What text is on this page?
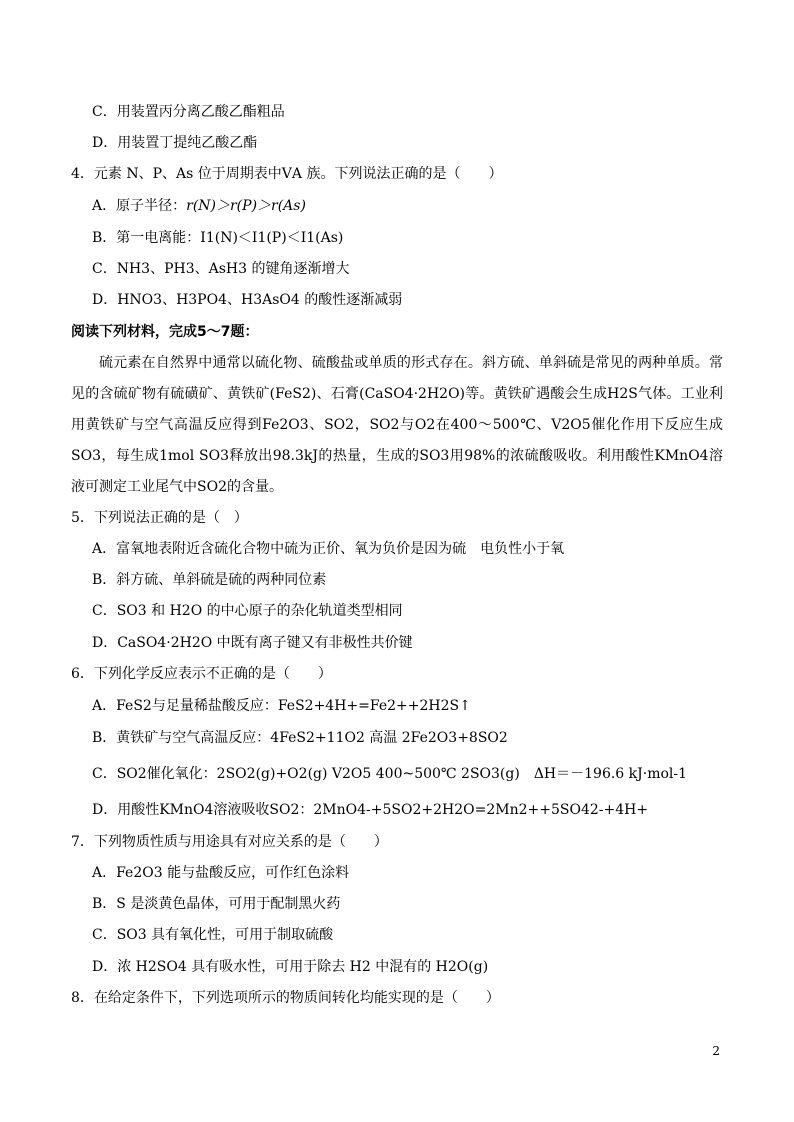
C．用装置丙分离乙酸乙酯粗品
D．用装置丁提纯乙酸乙酯
4．元素 N、P、As 位于周期表中ⅤA 族。下列说法正确的是（　　）
A．原子半径：r(N)＞r(P)＞r(As)
B．第一电离能：I1(N)＜I1(P)＜I1(As)
C．NH3、PH3、AsH3 的键角逐渐增大
D．HNO3、H3PO4、H3AsO4 的酸性逐渐减弱
阅读下列材料，完成5～7题：
硫元素在自然界中通常以硫化物、硫酸盐或单质的形式存在。斜方硫、单斜硫是常见的两种单质。常见的含硫矿物有硫磺矿、黄铁矿(FeS2)、石膏(CaSO4·2H2O)等。黄铁矿遇酸会生成H2S气体。工业利用黄铁矿与空气高温反应得到Fe2O3、SO2，SO2与O2在400～500℃、V2O5催化作用下反应生成SO3，每生成1mol SO3释放出98.3kJ的热量，生成的SO3用98%的浓硫酸吸收。利用酸性KMnO4溶液可测定工业尾气中SO2的含量。
5．下列说法正确的是（　）
A．富氧地表附近含硫化合物中硫为正价、氧为负价是因为硫　电负性小于氧
B．斜方硫、单斜硫是硫的两种同位素
C．SO3 和 H2O 的中心原子的杂化轨道类型相同
D．CaSO4·2H2O 中既有离子键又有非极性共价键
6．下列化学反应表示不正确的是（　　）
A．FeS2与足量稀盐酸反应：FeS2+4H+=Fe2++2H2S↑
B．黄铁矿与空气高温反应：4FeS2+11O2 高温 2Fe2O3+8SO2
C．SO2催化氧化：2SO2(g)+O2(g) V2O5 400~500℃ 2SO3(g)　ΔH＝－196.6 kJ·mol-1
D．用酸性KMnO4溶液吸收SO2：2MnO4-+5SO2+2H2O=2Mn2++5SO42-+4H+
7．下列物质性质与用途具有对应关系的是（　　）
A．Fe2O3 能与盐酸反应，可作红色涂料
B．S 是淡黄色晶体，可用于配制黑火药
C．SO3 具有氧化性，可用于制取硫酸
D．浓 H2SO4 具有吸水性，可用于除去 H2 中混有的 H2O(g)
8．在给定条件下，下列选项所示的物质间转化均能实现的是（　　）
2
